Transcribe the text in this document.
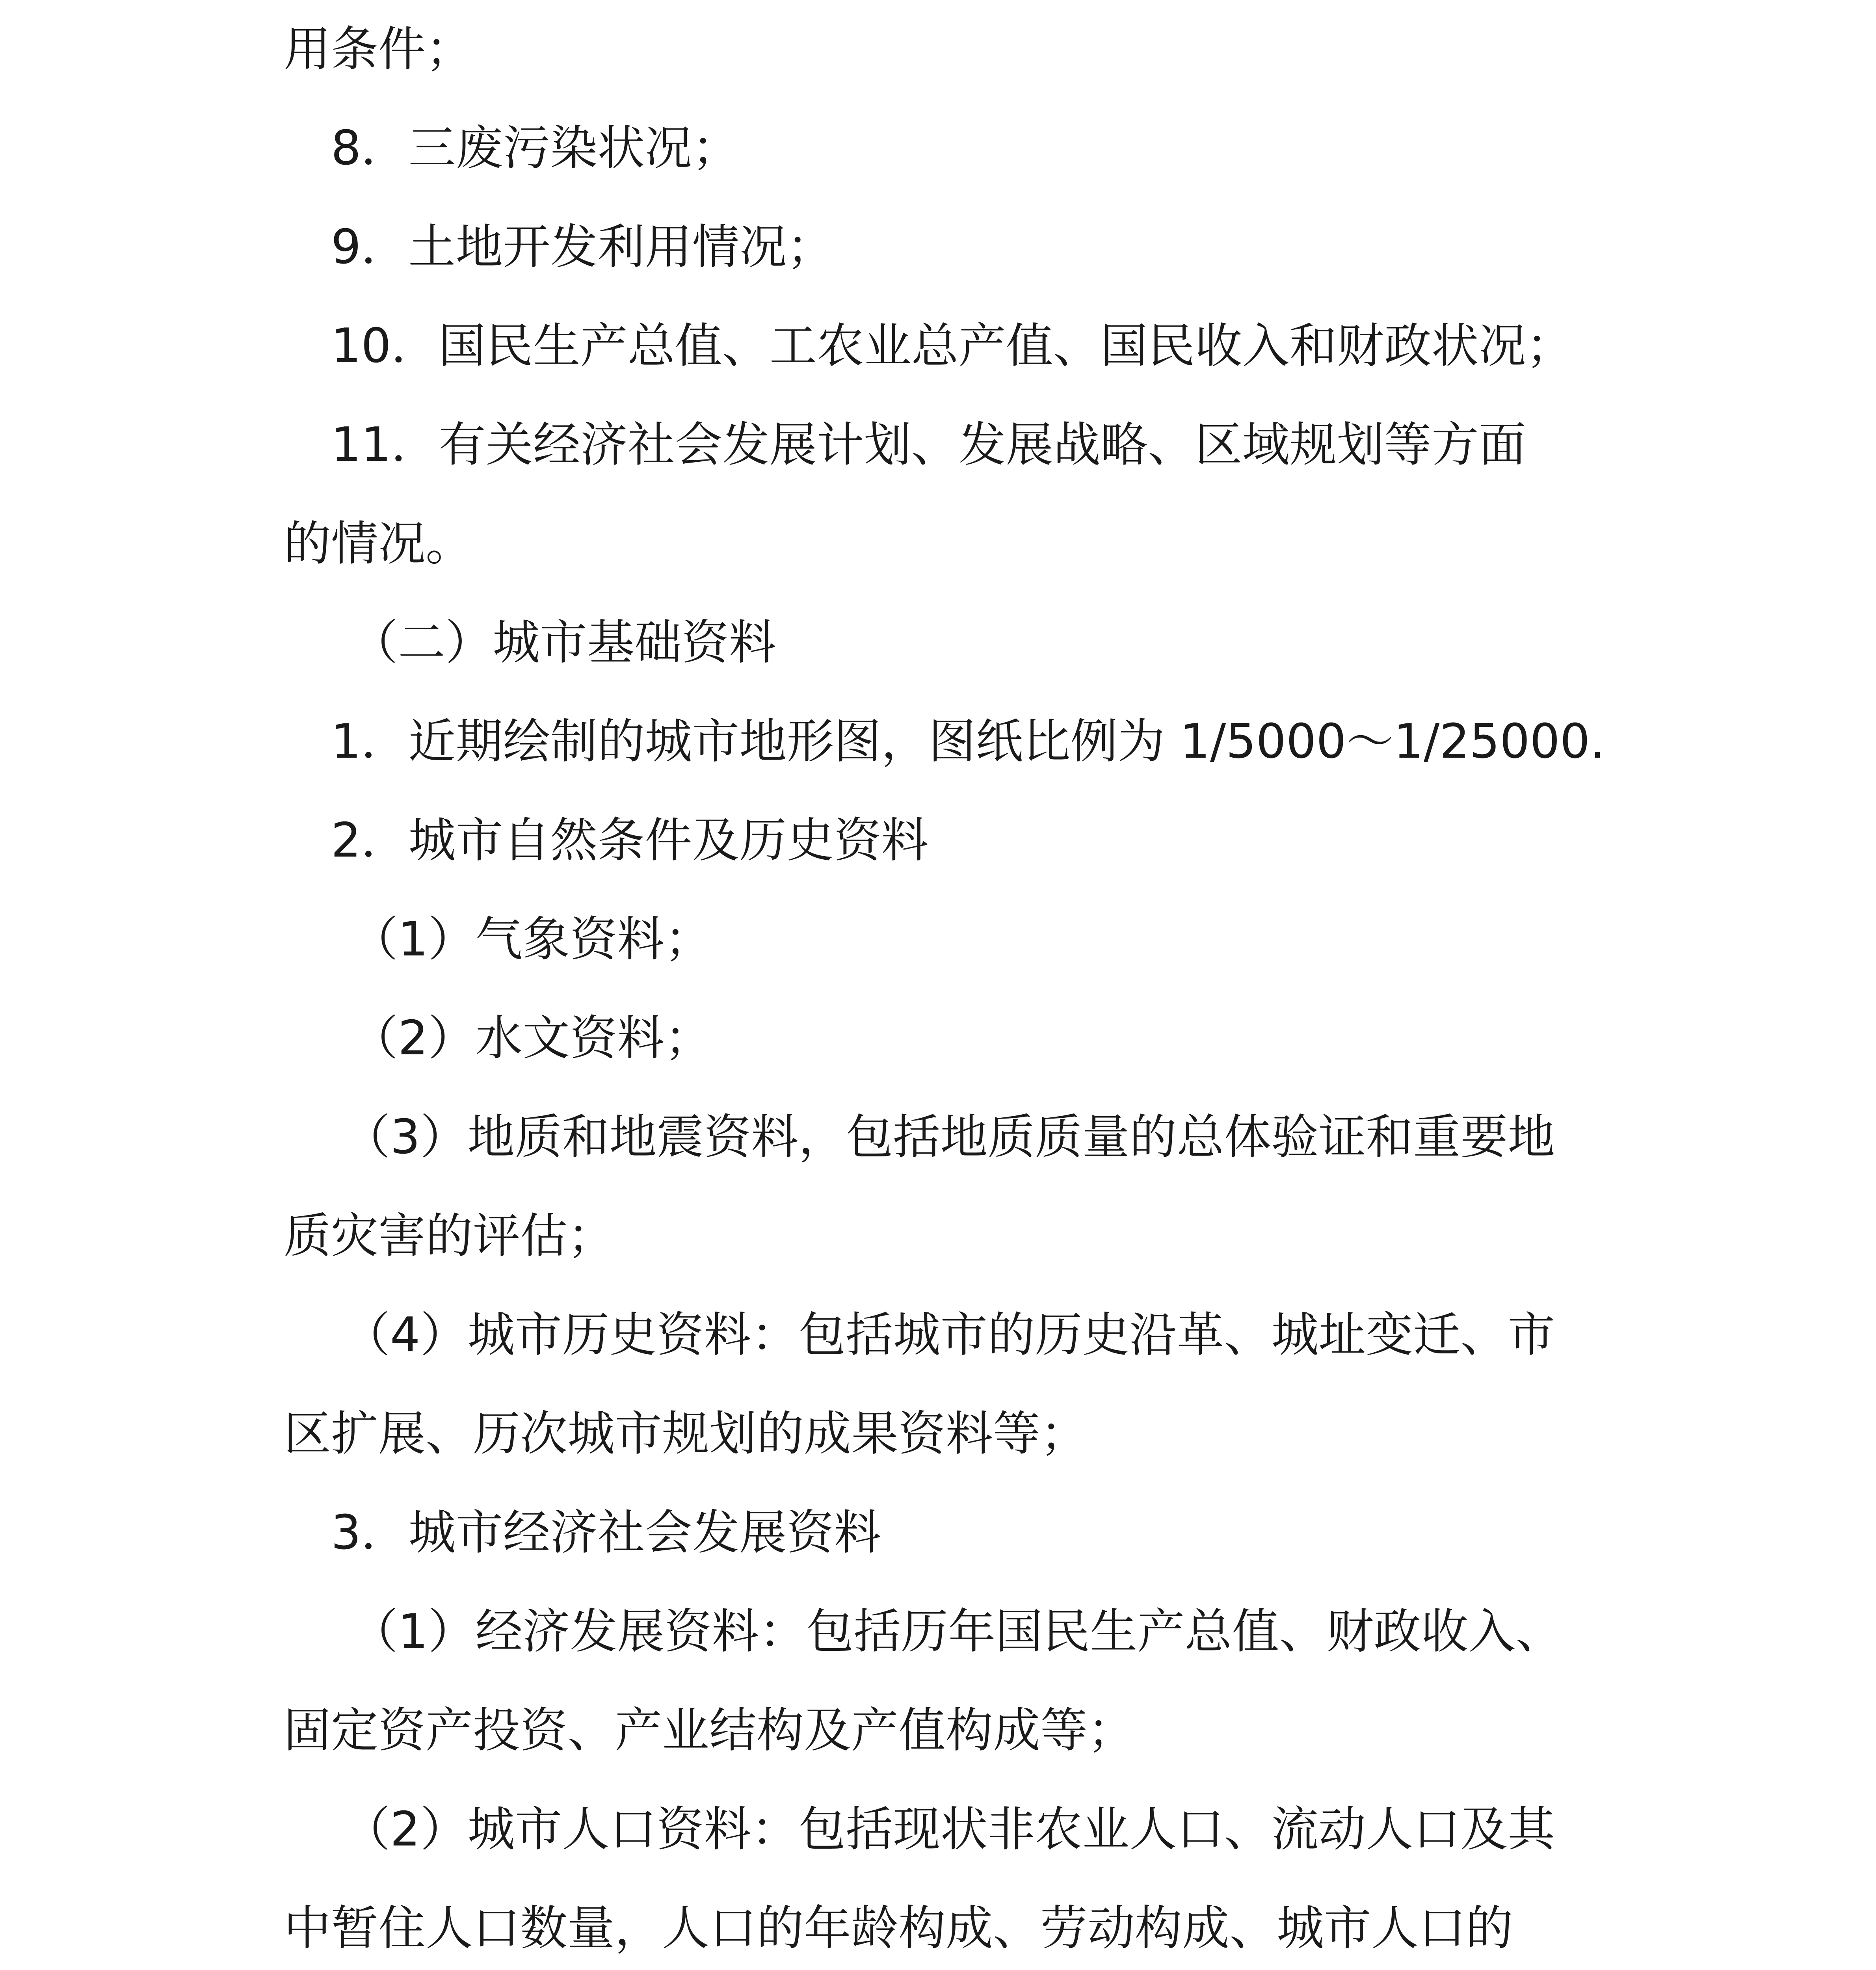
用条件；
8．三废污染状况；
9．土地开发利用情况；
10．国民生产总值、工农业总产值、国民收入和财政状况；
11．有关经济社会发展计划、发展战略、区域规划等方面
的情况。
（二）城市基础资料
1．近期绘制的城市地形图，图纸比例为 1/5000～1/25000.
2．城市自然条件及历史资料
（1）气象资料；
（2）水文资料；
（3）地质和地震资料，包括地质质量的总体验证和重要地
质灾害的评估；
（4）城市历史资料：包括城市的历史沿革、城址变迁、市
区扩展、历次城市规划的成果资料等；
3．城市经济社会发展资料
（1）经济发展资料：包括历年国民生产总值、财政收入、
固定资产投资、产业结构及产值构成等；
（2）城市人口资料：包括现状非农业人口、流动人口及其
中暂住人口数量，人口的年龄构成、劳动构成、城市人口的
